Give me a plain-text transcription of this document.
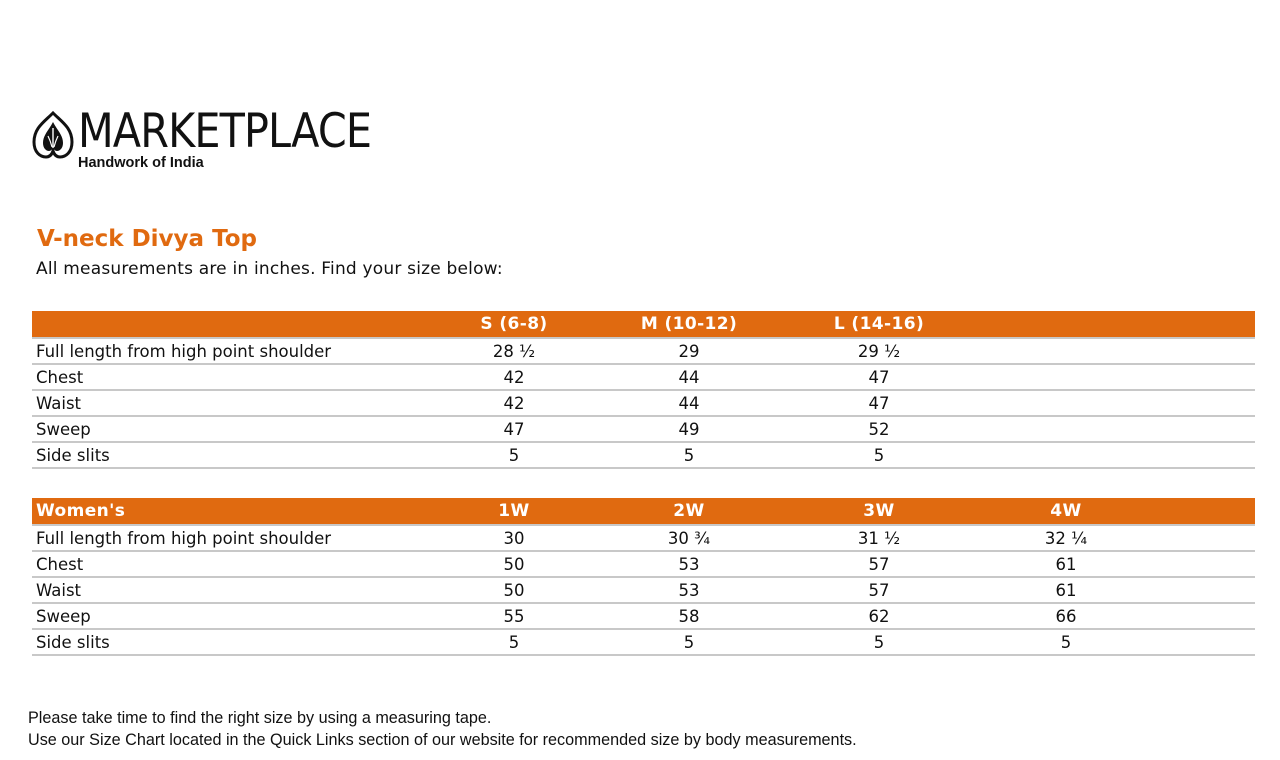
MARKETPLACE
Handwork of India
V-neck Divya Top
All measurements are in inches. Find your size below:
	S (6-8)	M (10-12)	L (14-16)		
Full length from high point shoulder	28 ½	29	29 ½		
Chest	42	44	47		
Waist	42	44	47		
Sweep	47	49	52		
Side slits	5	5	5		
Women's	1W	2W	3W	4W	
Full length from high point shoulder	30	30 ¾	31 ½	32 ¼	
Chest	50	53	57	61	
Waist	50	53	57	61	
Sweep	55	58	62	66	
Side slits	5	5	5	5	
Please take time to find the right size by using a measuring tape.
Use our Size Chart located in the Quick Links section of our website for recommended size by body measurements.
